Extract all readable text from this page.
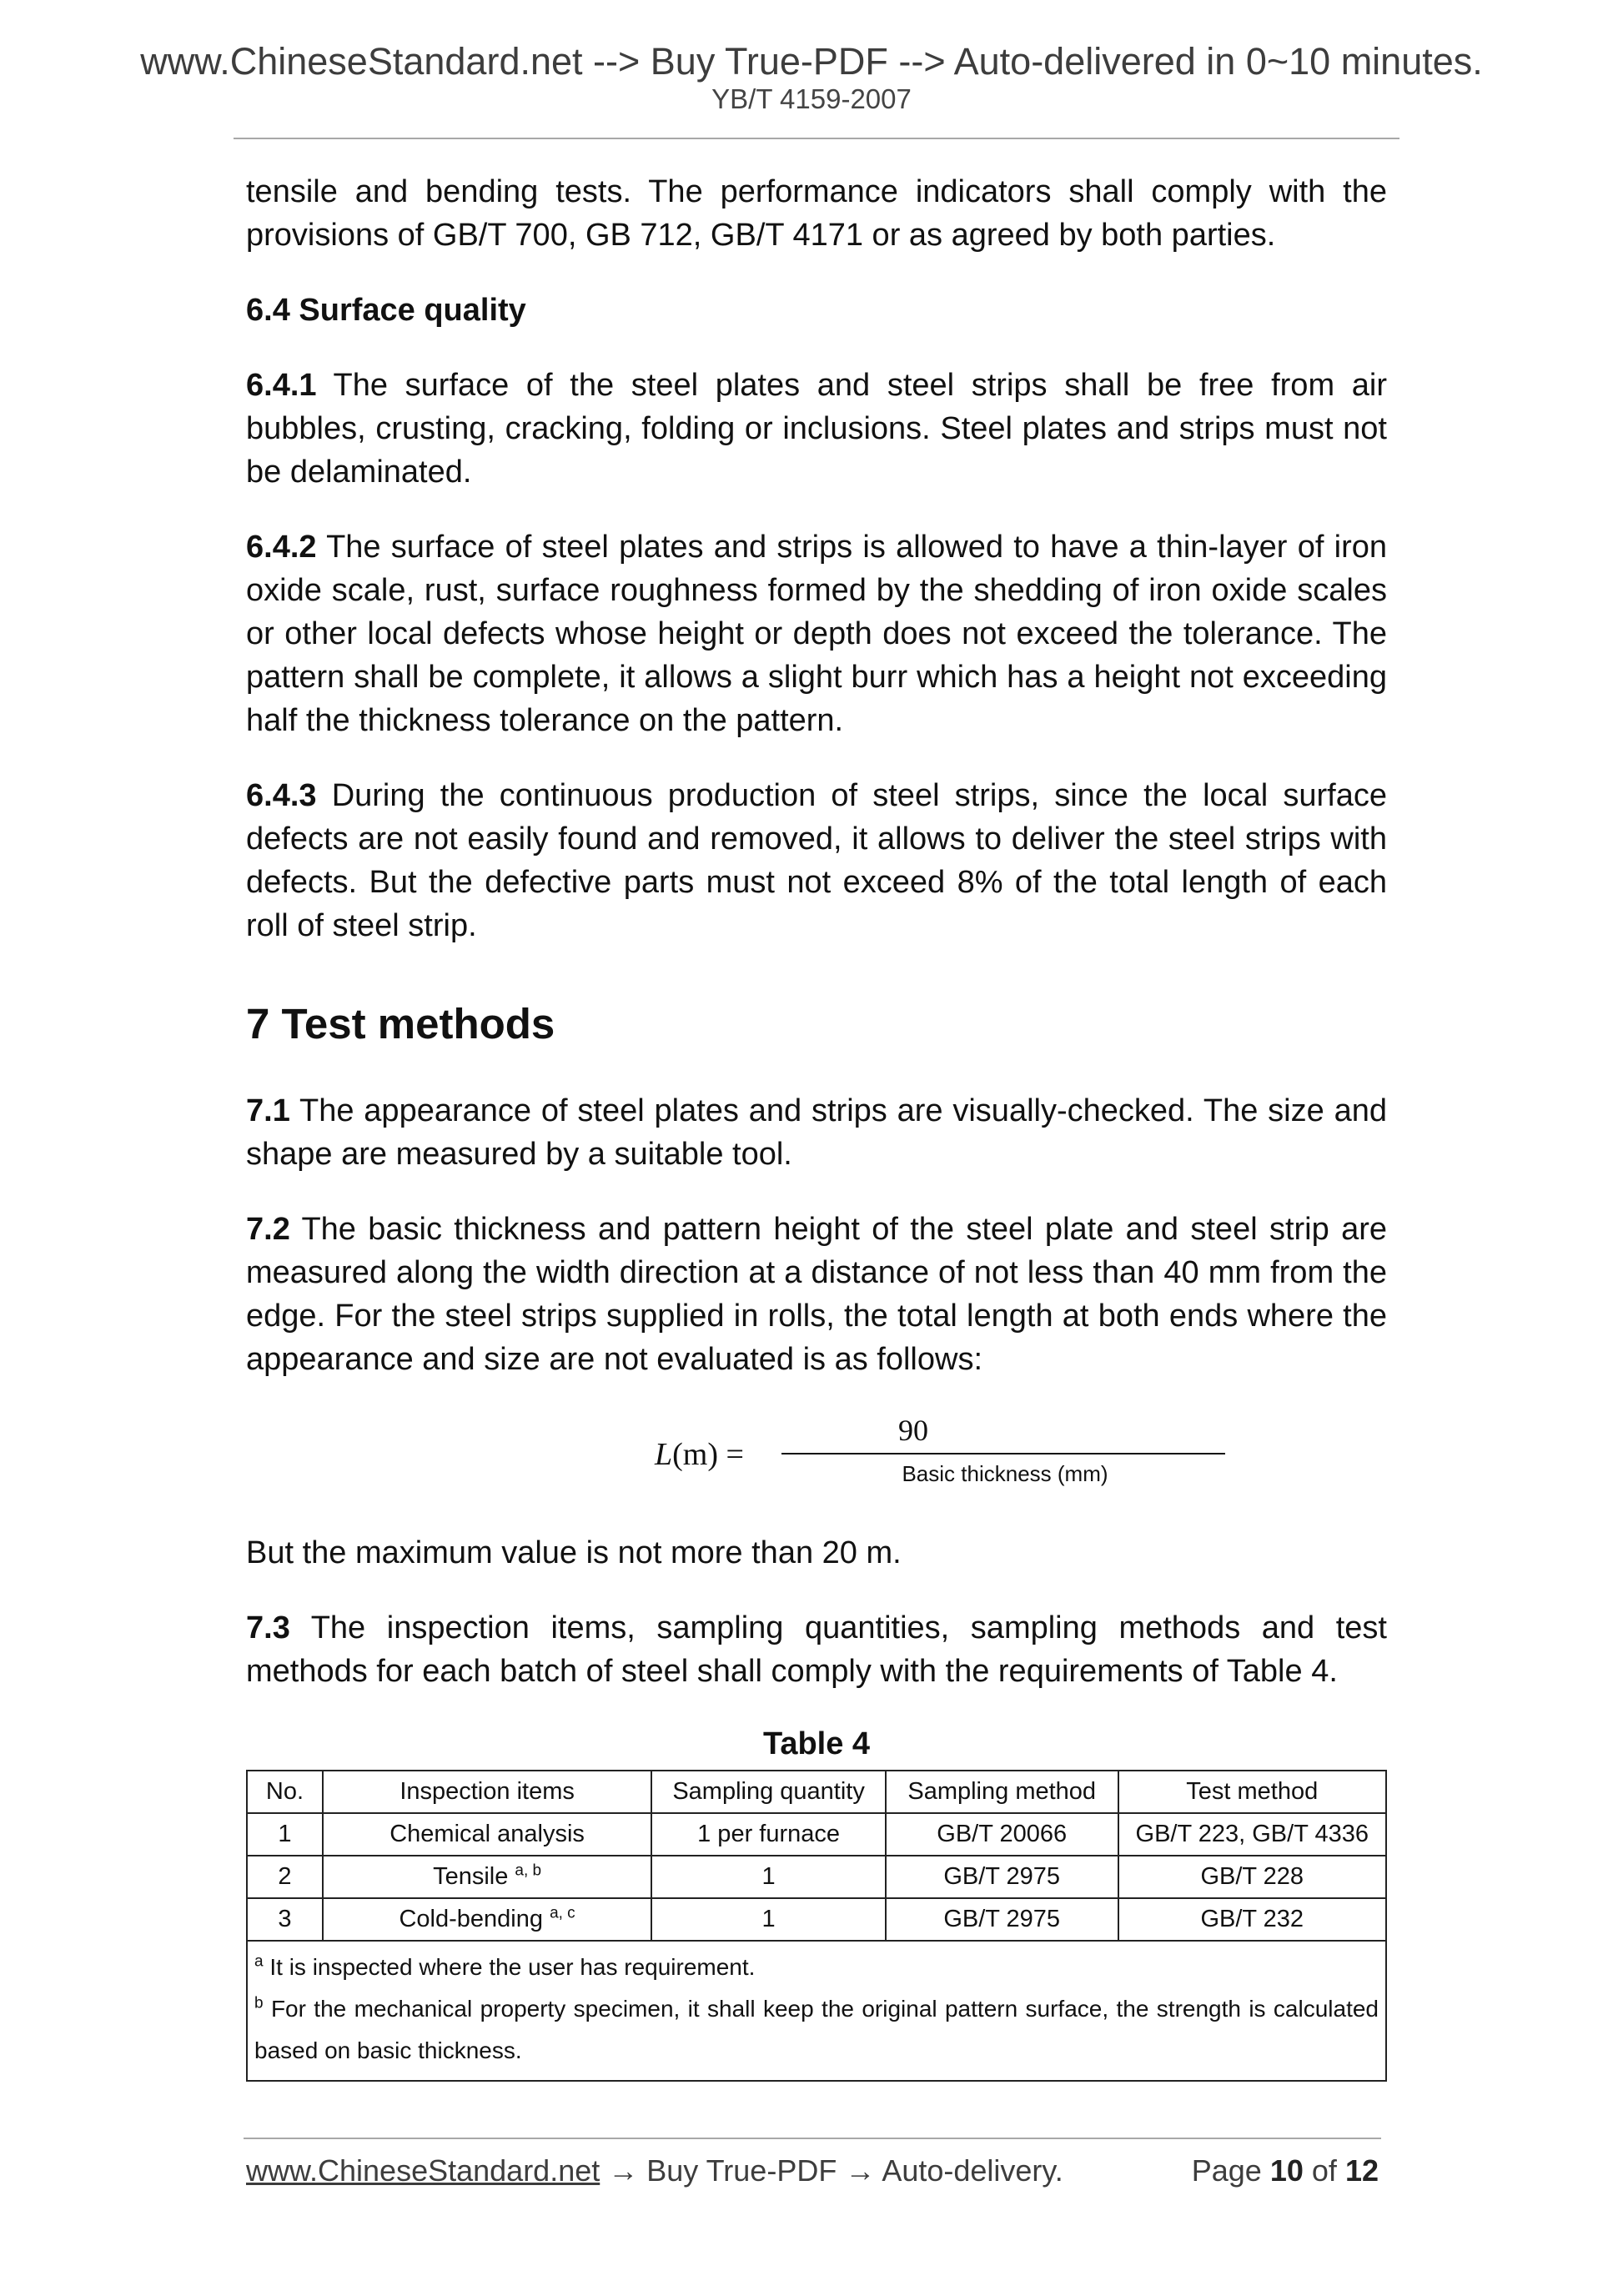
www.ChineseStandard.net --> Buy True-PDF --> Auto-delivered in 0~10 minutes.
YB/T 4159-2007

tensile and bending tests. The performance indicators shall comply with the provisions of GB/T 700, GB 712, GB/T 4171 or as agreed by both parties.

6.4 Surface quality

6.4.1 The surface of the steel plates and steel strips shall be free from air bubbles, crusting, cracking, folding or inclusions. Steel plates and strips must not be delaminated.

6.4.2 The surface of steel plates and strips is allowed to have a thin-layer of iron oxide scale, rust, surface roughness formed by the shedding of iron oxide scales or other local defects whose height or depth does not exceed the tolerance. The pattern shall be complete, it allows a slight burr which has a height not exceeding half the thickness tolerance on the pattern.

6.4.3 During the continuous production of steel strips, since the local surface defects are not easily found and removed, it allows to deliver the steel strips with defects. But the defective parts must not exceed 8% of the total length of each roll of steel strip.

7 Test methods

7.1 The appearance of steel plates and strips are visually-checked. The size and shape are measured by a suitable tool.

7.2 The basic thickness and pattern height of the steel plate and steel strip are measured along the width direction at a distance of not less than 40 mm from the edge. For the steel strips supplied in rolls, the total length at both ends where the appearance and size are not evaluated is as follows:

L(m) =
90
Basic thickness (mm)

But the maximum value is not more than 20 m.

7.3 The inspection items, sampling quantities, sampling methods and test methods for each batch of steel shall comply with the requirements of Table 4.

Table 4
No.	Inspection items	Sampling quantity	Sampling method	Test method
1	Chemical analysis	1 per furnace	GB/T 20066	GB/T 223, GB/T 4336
2	Tensile $^{a, b}$	1	GB/T 2975	GB/T 228
3	Cold-bending $^{a, c}$	1	GB/T 2975	GB/T 232

$^a$ It is inspected where the user has requirement.
$^b$ For the mechanical property specimen, it shall keep the original pattern surface, the strength is calculated based on basic thickness.				
www.ChineseStandard.net → Buy True-PDF → Auto-delivery.	Page 10 of 12
